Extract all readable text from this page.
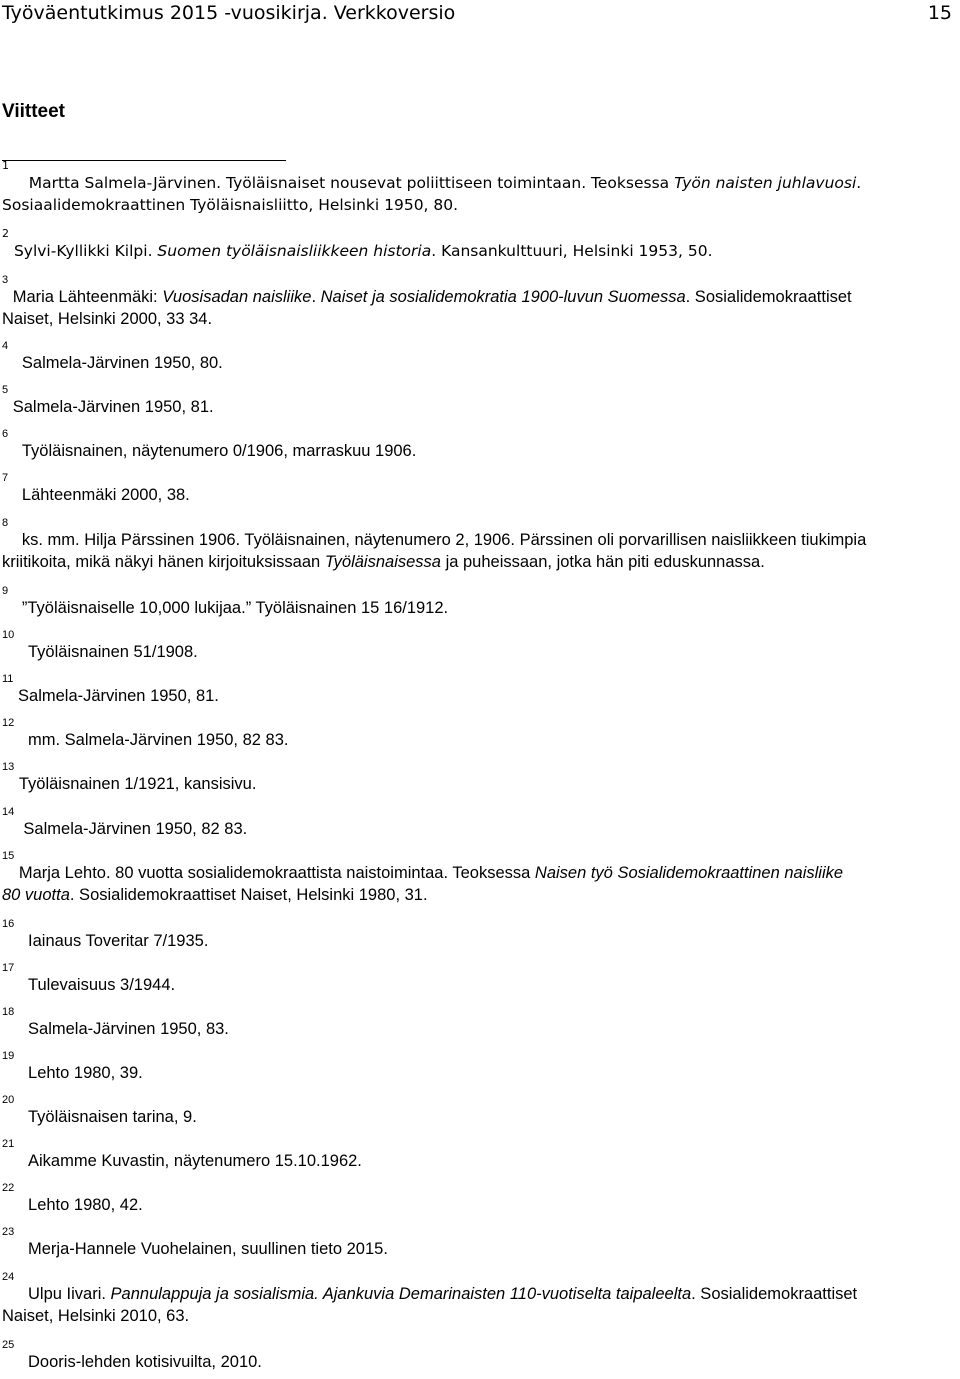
Työväentutkimus 2015 -vuosikirja. Verkkoversio	15
Viitteet
$^1$    Martta Salmela-Järvinen. Työläisnaiset nousevat poliittiseen toimintaan. Teoksessa Työn naisten juhlavuosi.
Sosiaalidemokraattinen Työläisnaisliitto, Helsinki 1950, 80.
$^2$ Sylvi-Kyllikki Kilpi. Suomen työläisnaisliikkeen historia. Kansankulttuuri, Helsinki 1953, 50.
$^3$ Maria Lähteenmäki: Vuosisadan naisliike. Naiset ja sosialidemokratia 1900-luvun Suomessa. Sosialidemokraattiset
Naiset, Helsinki 2000, 33 34.
$^4$   Salmela-Järvinen 1950, 80.
$^5$ Salmela-Järvinen 1950, 81.
$^6$   Työläisnainen, näytenumero 0/1906, marraskuu 1906.
$^7$   Lähteenmäki 2000, 38.
$^8$   ks. mm. Hilja Pärssinen 1906. Työläisnainen, näytenumero 2, 1906. Pärssinen oli porvarillisen naisliikkeen tiukimpia
kriitikoita, mikä näkyi hänen kirjoituksissaan Työläisnaisessa ja puheissaan, jotka hän piti eduskunnassa.
$^9$   ”Työläisnaiselle 10,000 lukijaa.” Työläisnainen 15 16/1912.
$^{10}$   Työläisnainen 51/1908.
$^{11}$ Salmela-Järvinen 1950, 81.
$^{12}$   mm. Salmela-Järvinen 1950, 82 83.
$^{13}$ Työläisnainen 1/1921, kansisivu.
$^{14}$  Salmela-Järvinen 1950, 82 83.
$^{15}$ Marja Lehto. 80 vuotta sosialidemokraattista naistoimintaa. Teoksessa Naisen työ Sosialidemokraattinen naisliike
80 vuotta. Sosialidemokraattiset Naiset, Helsinki 1980, 31.
$^{16}$   Iainaus Toveritar 7/1935.
$^{17}$   Tulevaisuus 3/1944.
$^{18}$   Salmela-Järvinen 1950, 83.
$^{19}$   Lehto 1980, 39.
$^{20}$   Työläisnaisen tarina, 9.
$^{21}$   Aikamme Kuvastin, näytenumero 15.10.1962.
$^{22}$   Lehto 1980, 42.
$^{23}$   Merja-Hannele Vuohelainen, suullinen tieto 2015.
$^{24}$   Ulpu Iivari. Pannulappuja ja sosialismia. Ajankuvia Demarinaisten 110-vuotiselta taipaleelta. Sosialidemokraattiset
Naiset, Helsinki 2010, 63.
$^{25}$   Dooris-lehden kotisivuilta, 2010.
